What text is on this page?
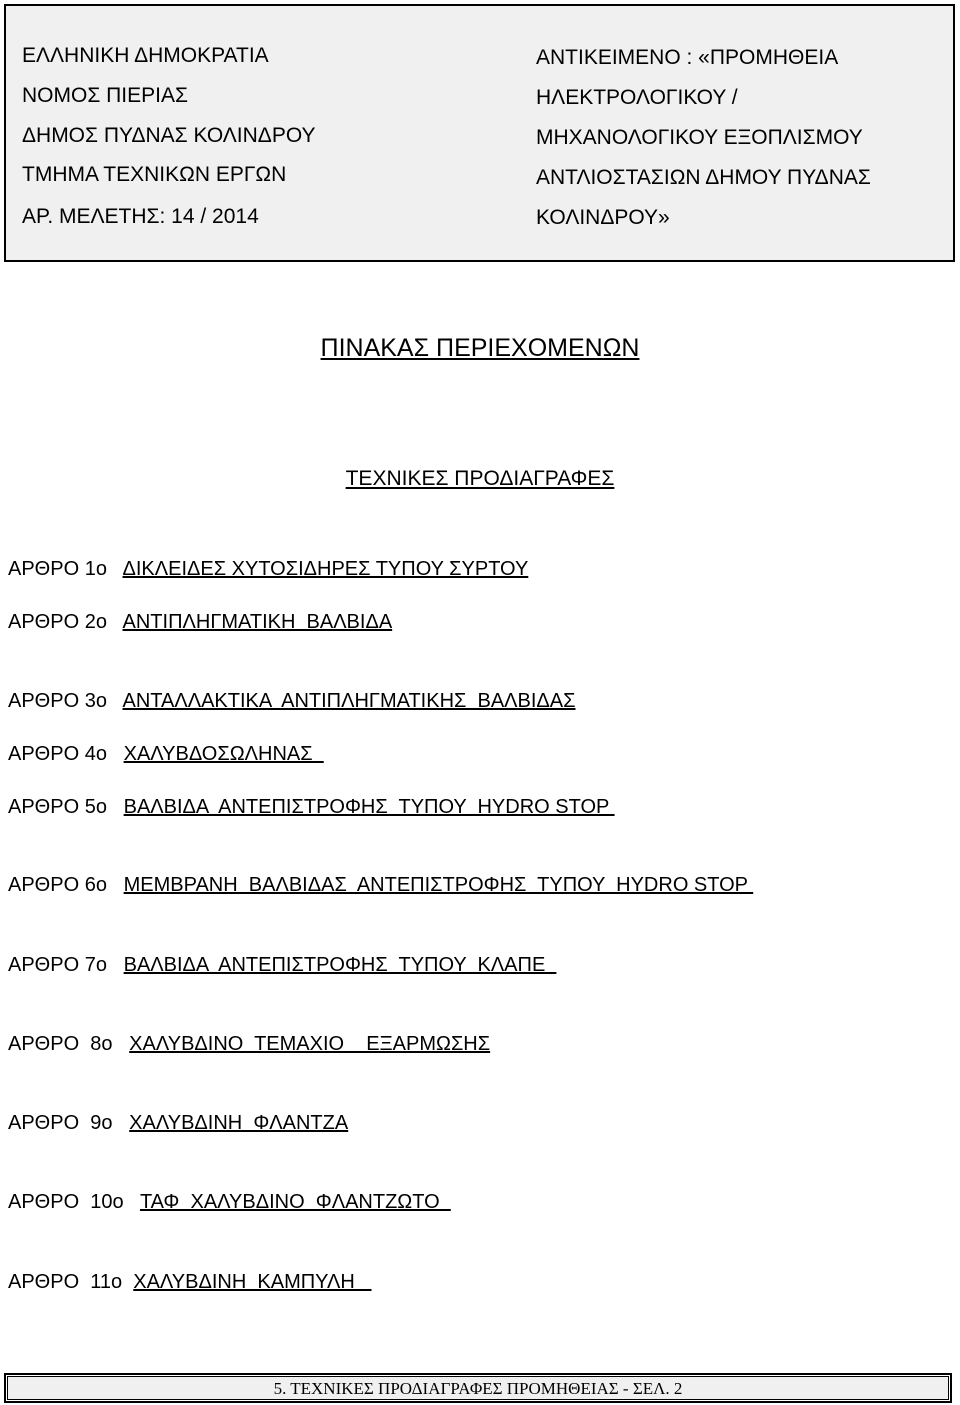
ΕΛΛΗΝΙΚΗ ΔΗΜΟΚΡΑΤΙΑ
ΝΟΜΟΣ ΠΙΕΡΙΑΣ
ΔΗΜΟΣ ΠΥΔΝΑΣ ΚΟΛΙΝΔΡΟΥ
ΤΜΗΜΑ ΤΕΧΝΙΚΩΝ ΕΡΓΩΝ
ΑΡ. ΜΕΛΕΤΗΣ: 14 / 2014
ΑΝΤΙΚΕΙΜΕΝΟ : «ΠΡΟΜΗΘΕΙΑ
ΗΛΕΚΤΡΟΛΟΓΙΚΟΥ /
ΜΗΧΑΝΟΛΟΓΙΚΟΥ ΕΞΟΠΛΙΣΜΟΥ
ΑΝΤΛΙΟΣΤΑΣΙΩΝ ΔΗΜΟΥ ΠΥΔΝΑΣ
ΚΟΛΙΝΔΡΟΥ»
ΠΙΝΑΚΑΣ ΠΕΡΙΕΧΟΜΕΝΩΝ
ΤΕΧΝΙΚΕΣ ΠΡΟΔΙΑΓΡΑΦΕΣ
ΑΡΘΡΟ 1ο   ΔΙΚΛΕΙΔΕΣ ΧΥΤΟΣΙΔΗΡΕΣ ΤΥΠΟΥ ΣΥΡΤΟΥ
ΑΡΘΡΟ 2ο   ΑΝΤΙΠΛΗΓΜΑΤΙΚΗ  ΒΑΛΒΙΔΑ
ΑΡΘΡΟ 3ο   ΑΝΤΑΛΛΑΚΤΙΚΑ  ΑΝΤΙΠΛΗΓΜΑΤΙΚΗΣ  ΒΑΛΒΙΔΑΣ
ΑΡΘΡΟ 4ο   ΧΑΛΥΒΔΟΣΩΛΗΝΑΣ
ΑΡΘΡΟ 5ο   ΒΑΛΒΙΔΑ  ΑΝΤΕΠΙΣΤΡΟΦΗΣ  ΤΥΠΟΥ  HYDRO STOP
ΑΡΘΡΟ 6ο   ΜΕΜΒΡΑΝΗ  ΒΑΛΒΙΔΑΣ  ΑΝΤΕΠΙΣΤΡΟΦΗΣ  ΤΥΠΟΥ  HYDRO STOP
ΑΡΘΡΟ 7ο   ΒΑΛΒΙΔΑ  ΑΝΤΕΠΙΣΤΡΟΦΗΣ  ΤΥΠΟΥ  ΚΛΑΠΕ
ΑΡΘΡΟ  8ο   ΧΑΛΥΒΔΙΝΟ  ΤΕΜΑΧΙΟ    ΕΞΑΡΜΩΣΗΣ
ΑΡΘΡΟ  9ο   ΧΑΛΥΒΔΙΝΗ  ΦΛΑΝΤΖΑ
ΑΡΘΡΟ  10ο   ΤΑΦ  ΧΑΛΥΒΔΙΝΟ  ΦΛΑΝΤΖΩΤΟ
ΑΡΘΡΟ  11ο  ΧΑΛΥΒΔΙΝΗ  ΚΑΜΠΥΛΗ
5. ΤΕΧΝΙΚΕΣ ΠΡΟΔΙΑΓΡΑΦΕΣ ΠΡΟΜΗΘΕΙΑΣ - ΣΕΛ. 2
